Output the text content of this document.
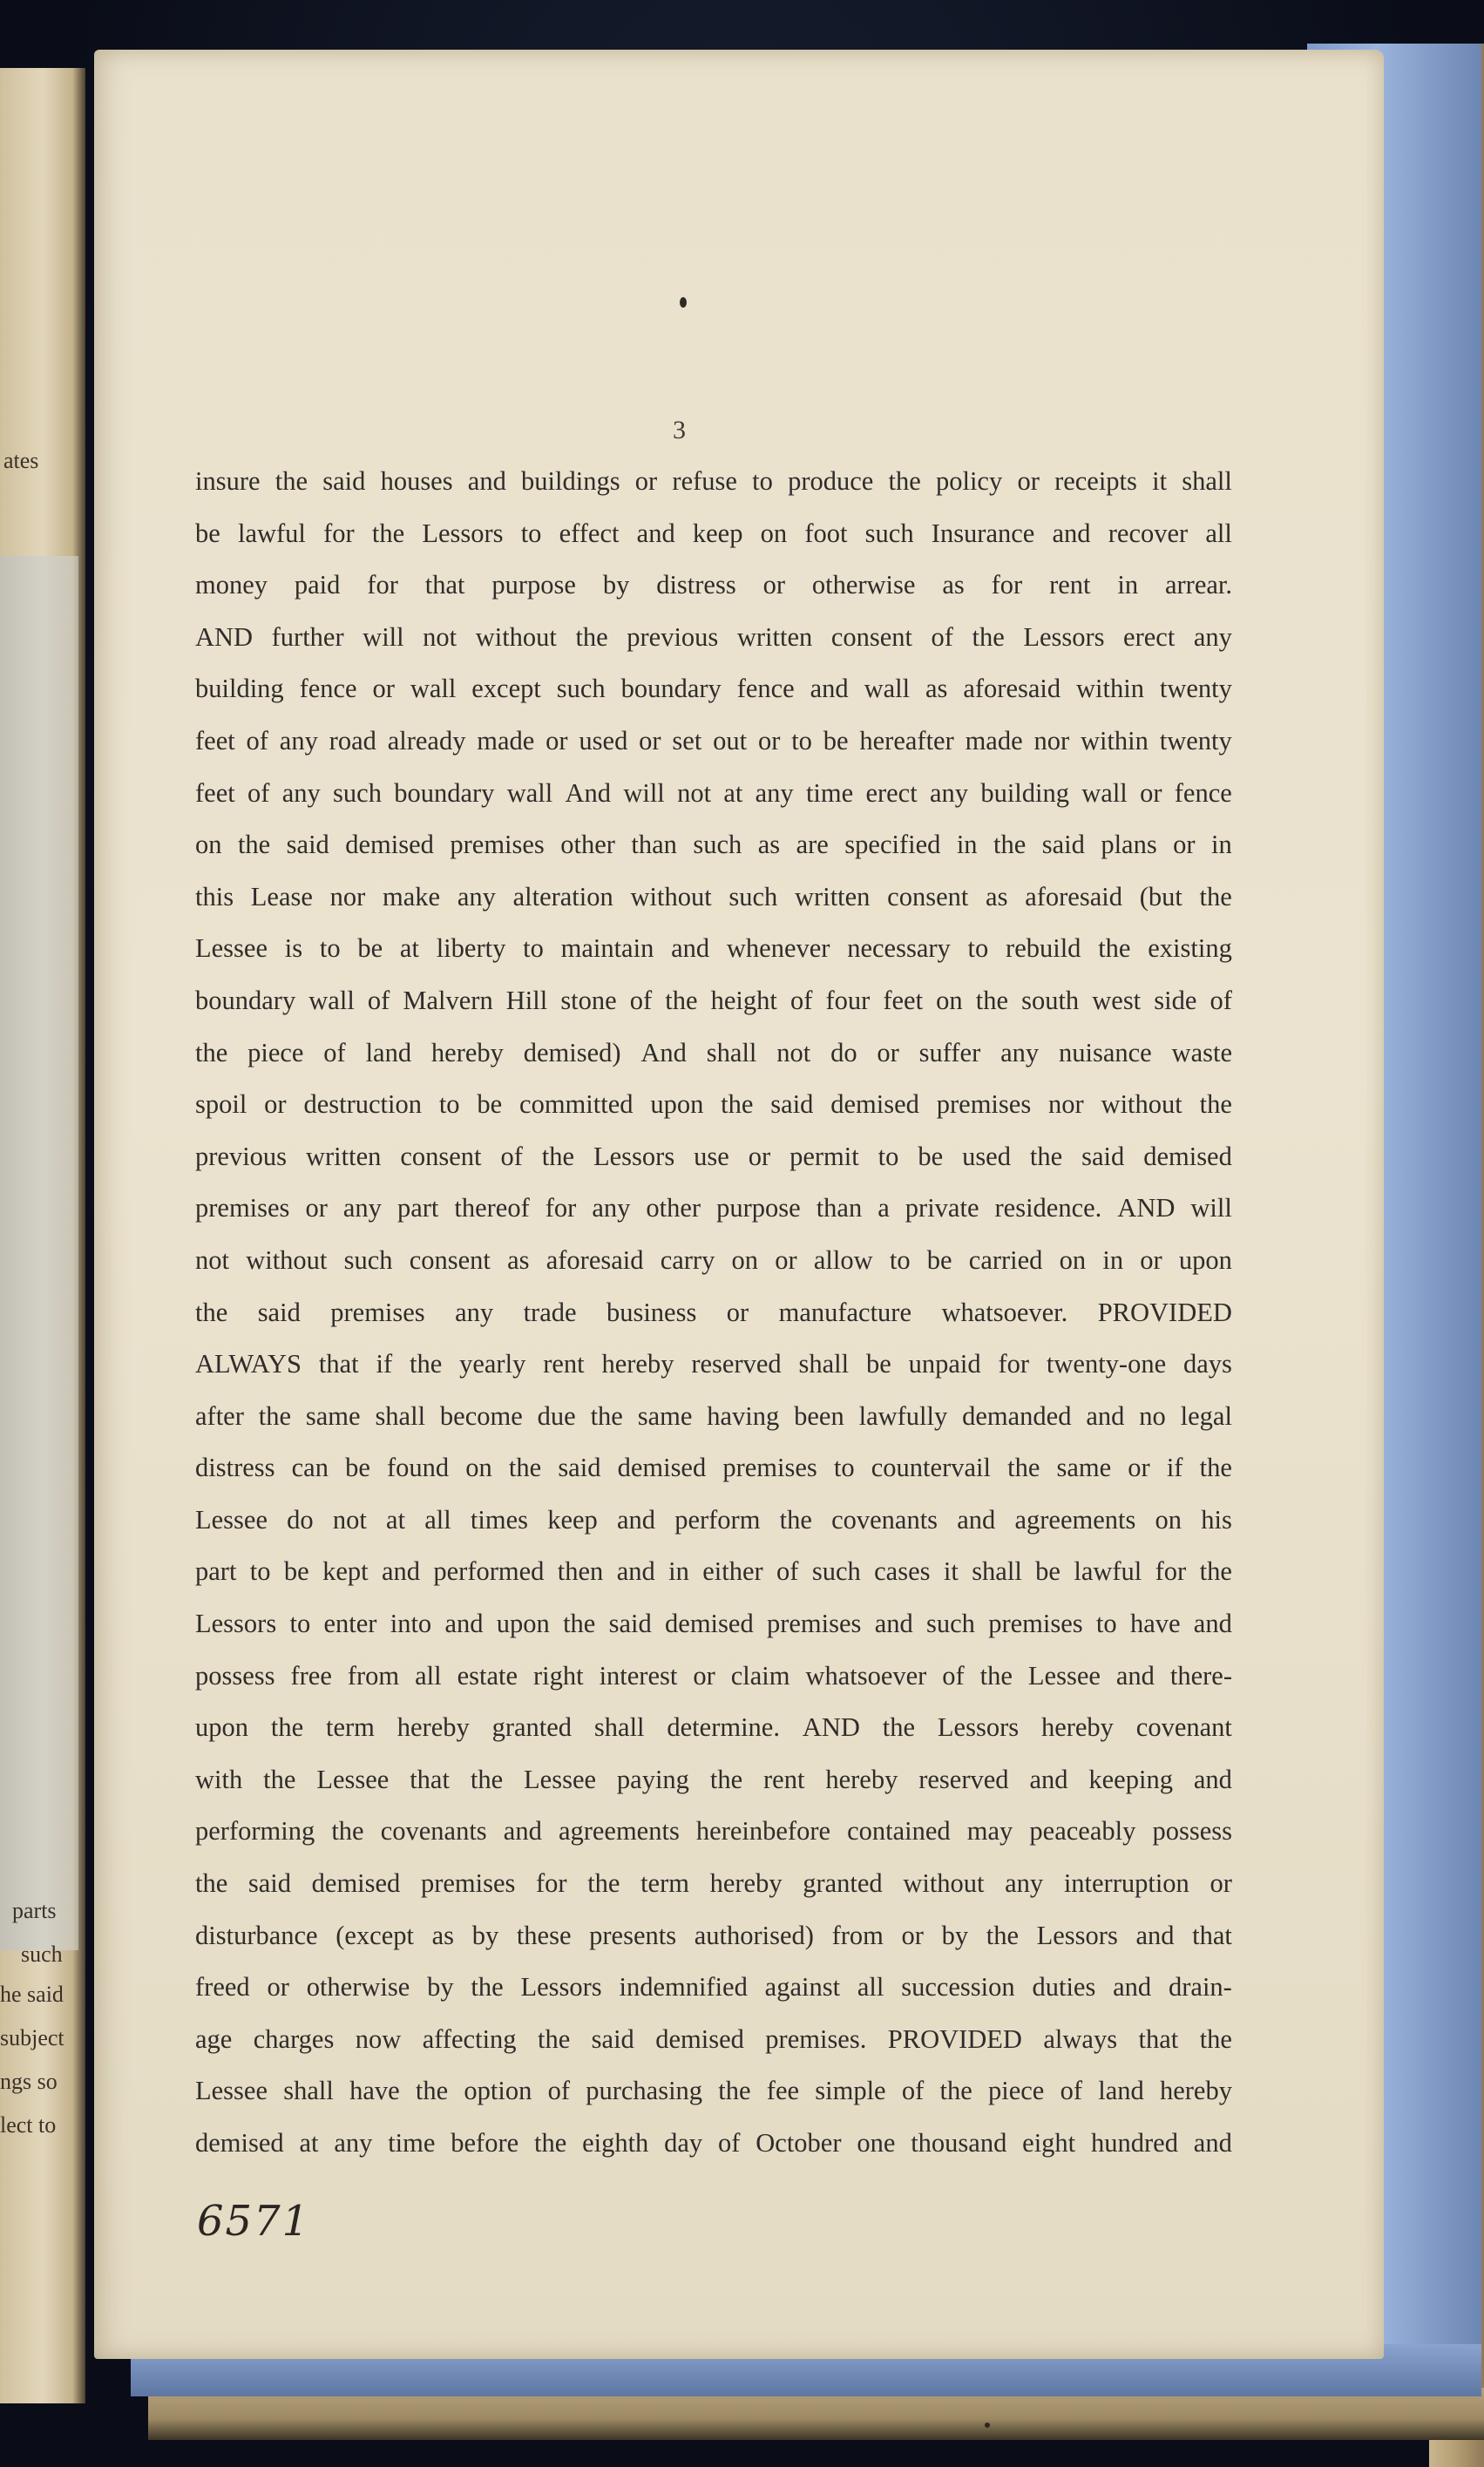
ates
parts
such
he said
subject
ngs so
lect to
3
insure the said houses and buildings or refuse to produce the policy or receipts it shall
be lawful for the Lessors to effect and keep on foot such Insurance and recover all
money paid for that purpose by distress or otherwise as for rent in arrear.
AND further will not without the previous written consent of the Lessors erect any
building fence or wall except such boundary fence and wall as aforesaid within twenty
feet of any road already made or used or set out or to be hereafter made nor within twenty
feet of any such boundary wall And will not at any time erect any building wall or fence
on the said demised premises other than such as are specified in the said plans or in
this Lease nor make any alteration without such written consent as aforesaid (but the
Lessee is to be at liberty to maintain and whenever necessary to rebuild the existing
boundary wall of Malvern Hill stone of the height of four feet on the south west side of
the piece of land hereby demised) And shall not do or suffer any nuisance waste
spoil or destruction to be committed upon the said demised premises nor without the
previous written consent of the Lessors use or permit to be used the said demised
premises or any part thereof for any other purpose than a private residence. AND will
not without such consent as aforesaid carry on or allow to be carried on in or upon
the said premises any trade business or manufacture whatsoever. PROVIDED
ALWAYS that if the yearly rent hereby reserved shall be unpaid for twenty-one days
after the same shall become due the same having been lawfully demanded and no legal
distress can be found on the said demised premises to countervail the same or if the
Lessee do not at all times keep and perform the covenants and agreements on his
part to be kept and performed then and in either of such cases it shall be lawful for the
Lessors to enter into and upon the said demised premises and such premises to have and
possess free from all estate right interest or claim whatsoever of the Lessee and there-
upon the term hereby granted shall determine. AND the Lessors hereby covenant
with the Lessee that the Lessee paying the rent hereby reserved and keeping and
performing the covenants and agreements hereinbefore contained may peaceably possess
the said demised premises for the term hereby granted without any interruption or
disturbance (except as by these presents authorised) from or by the Lessors and that
freed or otherwise by the Lessors indemnified against all succession duties and drain-
age charges now affecting the said demised premises. PROVIDED always that the
Lessee shall have the option of purchasing the fee simple of the piece of land hereby
demised at any time before the eighth day of October one thousand eight hundred and
6571
